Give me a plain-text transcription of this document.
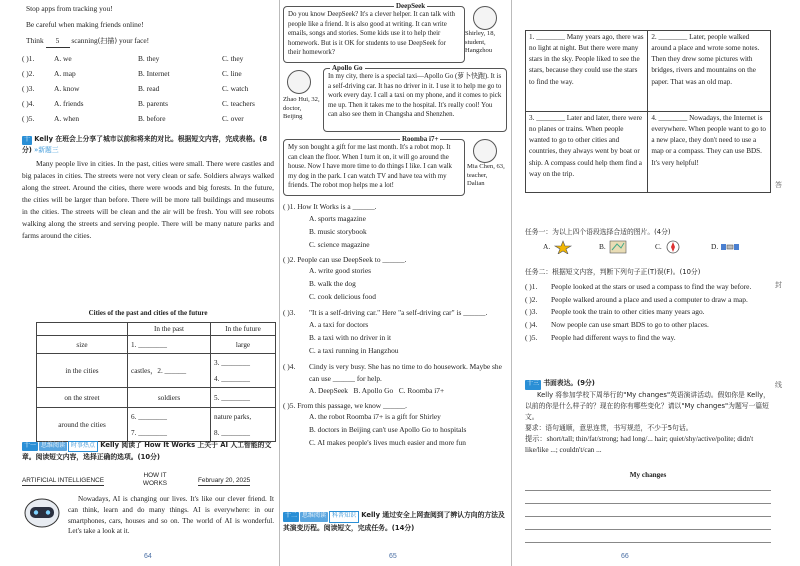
Stop apps from tracking you!
Be careful when making friends online!
Think 5 scanning(扫描) your face!
( )1.	A. we	B. they	C. they
( )2.	A. map	B. Internet	C. line
( )3.	A. know	B. read	C. watch
( )4.	A. friends	B. parents	C. teachers
( )5.	A. when	B. before	C. over
十 Kelly 在班会上分享了城市以前和将来的对比。根据短文内容，完成表格。(8分) »新题三
Many people live in cities. In the past, cities were small. There were castles and big palaces in cities. The streets were not very clean or safe. Soldiers always walked along the street. Around the cities, there were woods and big forests. In the future, the cities will be larger than before. There will be more tall buildings and museums in the cities. The streets will be clean and the air will be fresh. You will see robots walking along the streets and serving people. There will be many nature parks and farms around the cities.
Cities of the past and cities of the future
	In the past	In the future
size	1. ________	large
in the cities	castles，2. ______	3. ________
		4. ________
on the street	soldiers	5. ________
around the cities	6. ________	nature parks,
	7. ________	8. ________
十一 思维阅读 时事热点 Kelly 阅读了 How It Works 上关于 AI 人工智能的文章。阅读短文内容，选择正确的选项。(10分)
ARTIFICIAL INTELLIGENCE
HOW IT WORKS	February 20, 2025
Nowadays, AI is changing our lives. It's like our clever friend. It can think, learn and do many things. AI is everywhere: in our smartphones, cars, houses and so on. The world of AI is wonderful. Let's take a look at it.
64
DeepSeek
Do you know DeepSeek? It's a clever helper. It can talk with people like a friend. It is also good at writing. It can write emails, songs and stories. Some kids use it to help their homework. But is it OK for students to use DeepSeek for their homework?
Shirley, 18, student, Hangzhou
Zhao Hui, 32, doctor, Beijing
Apollo Go
In my city, there is a special taxi—Apollo Go (萝卜快跑). It is a self-driving car. It has no driver in it. I use it to help me go to work every day. I call a taxi on my phone, and it comes to pick me up. Then it takes me to the hospital. It's really cool! You can also see them in Changsha and Shenzhen.
Roomba i7+
My son bought a gift for me last month. It's a robot mop. It can clean the floor. When I turn it on, it will go around the house. Now I have more time to do things I like. I can walk my dog in the park. I can watch TV and have tea with my friends. The robot mop helps me a lot!
Mia Chen, 63, teacher, Dalian
( )1. How It Works is a ______.
A. sports magazine
B. music storybook
C. science magazine
( )2. People can use DeepSeek to ______.
A. write good stories
B. walk the dog
C. cook delicious food
( )3.	"It is a self-driving car." Here "a self-driving car" is ______.
A. a taxi for doctors
B. a taxi with no driver in it
C. a taxi running in Hangzhou
( )4.	Cindy is very busy. She has no time to do housework. Maybe she can use ______ for help.
A. DeepSeek   B. Apollo Go   C. Roomba i7+
( )5. From this passage, we know ______.
A. the robot Roomba i7+ is a gift for Shirley
B. doctors in Beijing can't use Apollo Go to hospitals
C. AI makes people's lives much easier and more fun
十二 思维阅读 科普知识 Kelly 通过安全上网查阅到了辨认方向的方法及其演变历程。阅读短文，完成任务。(14分)
65
1. ________ Many years ago, there was no light at night. But there were many stars in the sky. People liked to see the stars, because they could use the stars to find the way.	2. ________ Later, people walked around a place and wrote some notes. Then they drew some pictures with bridges, rivers and mountains on the paper. That was an old map.
3. ________ Later and later, there were no planes or trains. When people wanted to go to other cities and countries, they always went by boat or ship. A compass could help them find a way on the trip.	4. ________ Nowadays, the Internet is everywhere. When people want to go to a new place, they don't need to use a map or a compass. They can use BDS. It's very helpful!
任务一：为以上四个语段选择合适的图片。(4分)
A.	B.	C.	D.
任务二：根据短文内容，判断下列句子正(T)误(F)。(10分)
( )1.	People looked at the stars or used a compass to find the way before.
( )2.	People walked around a place and used a computer to draw a map.
( )3.	People took the train to other cities many years ago.
( )4.	Now people can use smart BDS to go to other places.
( )5.	People had different ways to find the way.
十三 书面表达。(9分)
Kelly 将参加学校下周举行的"My changes"英语演讲活动。假如你是 Kelly，以前的你是什么样子的？现在的你有哪些变化？请以"My changes"为题写一篇短文。
要求：语句通顺，意思连贯，书写规范，不少于5句话。
提示：short/tall; thin/fat/strong; had long/... hair; quiet/shy/active/polite; didn't like/like ...; couldn't/can ...
My changes
答
封
线
66
